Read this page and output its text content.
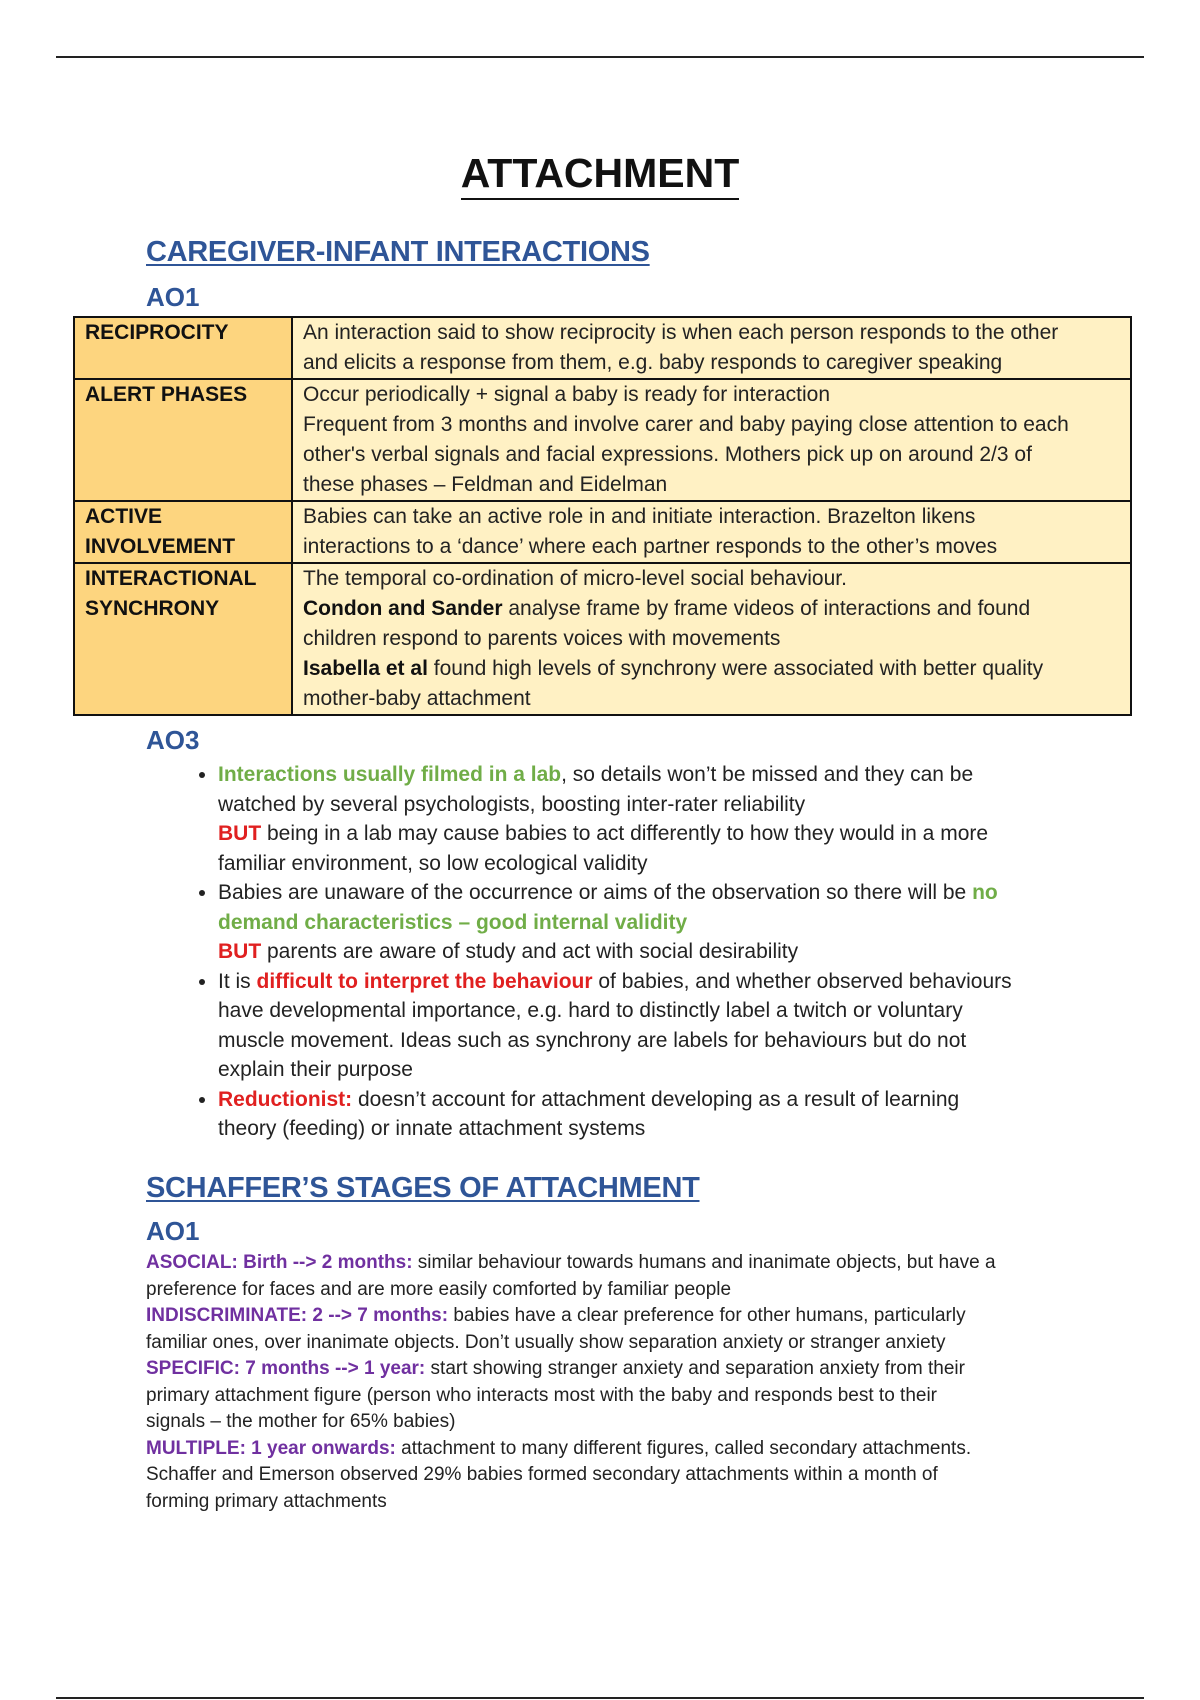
ATTACHMENT
CAREGIVER-INFANT INTERACTIONS
AO1
RECIPROCITY	An interaction said to show reciprocity is when each person responds to the other
and elicits a response from them, e.g. baby responds to caregiver speaking

ALERT PHASES	Occur periodically + signal a baby is ready for interaction
Frequent from 3 months and involve carer and baby paying close attention to each
other's verbal signals and facial expressions. Mothers pick up on around 2/3 of
these phases – Feldman and Eidelman

ACTIVE
INVOLVEMENT	Babies can take an active role in and initiate interaction. Brazelton likens
interactions to a ‘dance’ where each partner responds to the other’s moves

INTERACTIONAL
SYNCHRONY	The temporal co-ordination of micro-level social behaviour.
Condon and Sander analyse frame by frame videos of interactions and found
children respond to parents voices with movements
Isabella et al found high levels of synchrony were associated with better quality
mother-baby attachment
AO3
• Interactions usually filmed in a lab, so details won’t be missed and they can be
watched by several psychologists, boosting inter-rater reliability
BUT being in a lab may cause babies to act differently to how they would in a more
familiar environment, so low ecological validity
• Babies are unaware of the occurrence or aims of the observation so there will be no
demand characteristics – good internal validity
BUT parents are aware of study and act with social desirability
• It is difficult to interpret the behaviour of babies, and whether observed behaviours
have developmental importance, e.g. hard to distinctly label a twitch or voluntary
muscle movement. Ideas such as synchrony are labels for behaviours but do not
explain their purpose
• Reductionist: doesn’t account for attachment developing as a result of learning
theory (feeding) or innate attachment systems
SCHAFFER’S STAGES OF ATTACHMENT
AO1
ASOCIAL: Birth --> 2 months: similar behaviour towards humans and inanimate objects, but have a
preference for faces and are more easily comforted by familiar people
INDISCRIMINATE: 2 --> 7 months: babies have a clear preference for other humans, particularly
familiar ones, over inanimate objects. Don’t usually show separation anxiety or stranger anxiety
SPECIFIC: 7 months --> 1 year: start showing stranger anxiety and separation anxiety from their
primary attachment figure (person who interacts most with the baby and responds best to their
signals – the mother for 65% babies)
MULTIPLE: 1 year onwards: attachment to many different figures, called secondary attachments.
Schaffer and Emerson observed 29% babies formed secondary attachments within a month of
forming primary attachments
